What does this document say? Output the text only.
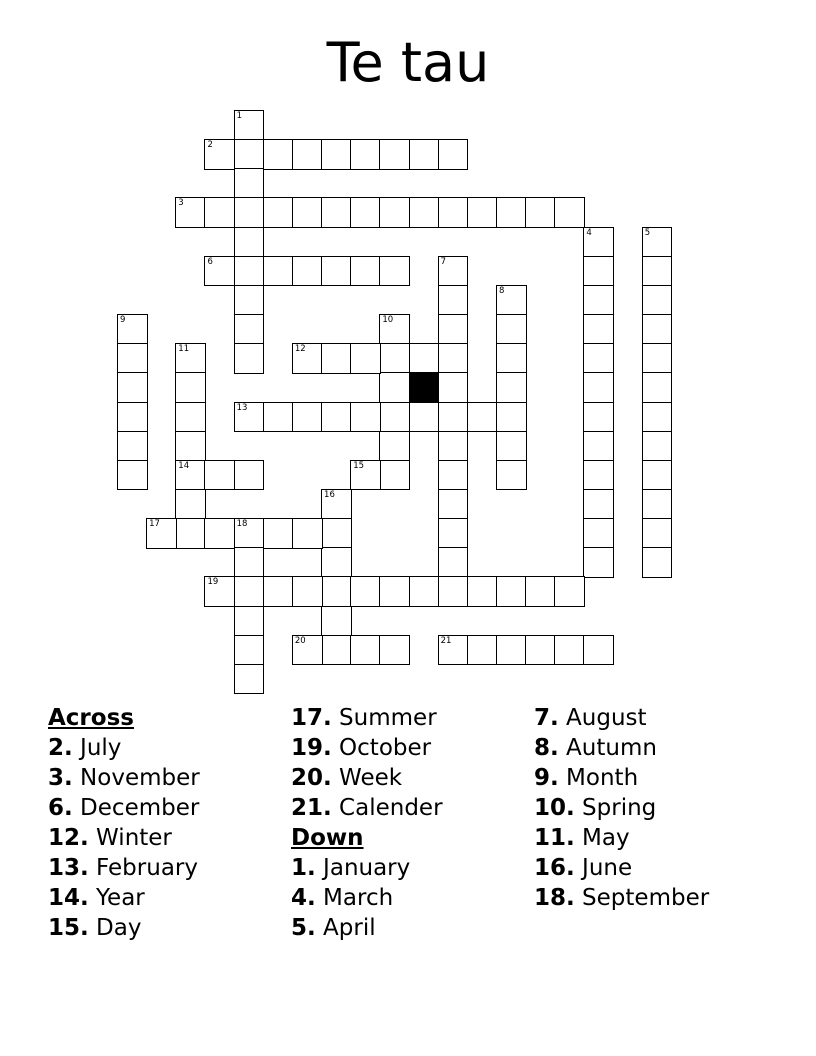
Te tau
1
2
3
4	5
6	7
8
9	10
11
14
12
13
15
16
17	18
19
20	21
Across
2. July
3. November
6. December
12. Winter
13. February
14. Year
15. Day
17. Summer
19. October
20. Week
21. Calender
Down
1. January
4. March
5. April
7. August
8. Autumn
9. Month
10. Spring
11. May
16. June
18. September
